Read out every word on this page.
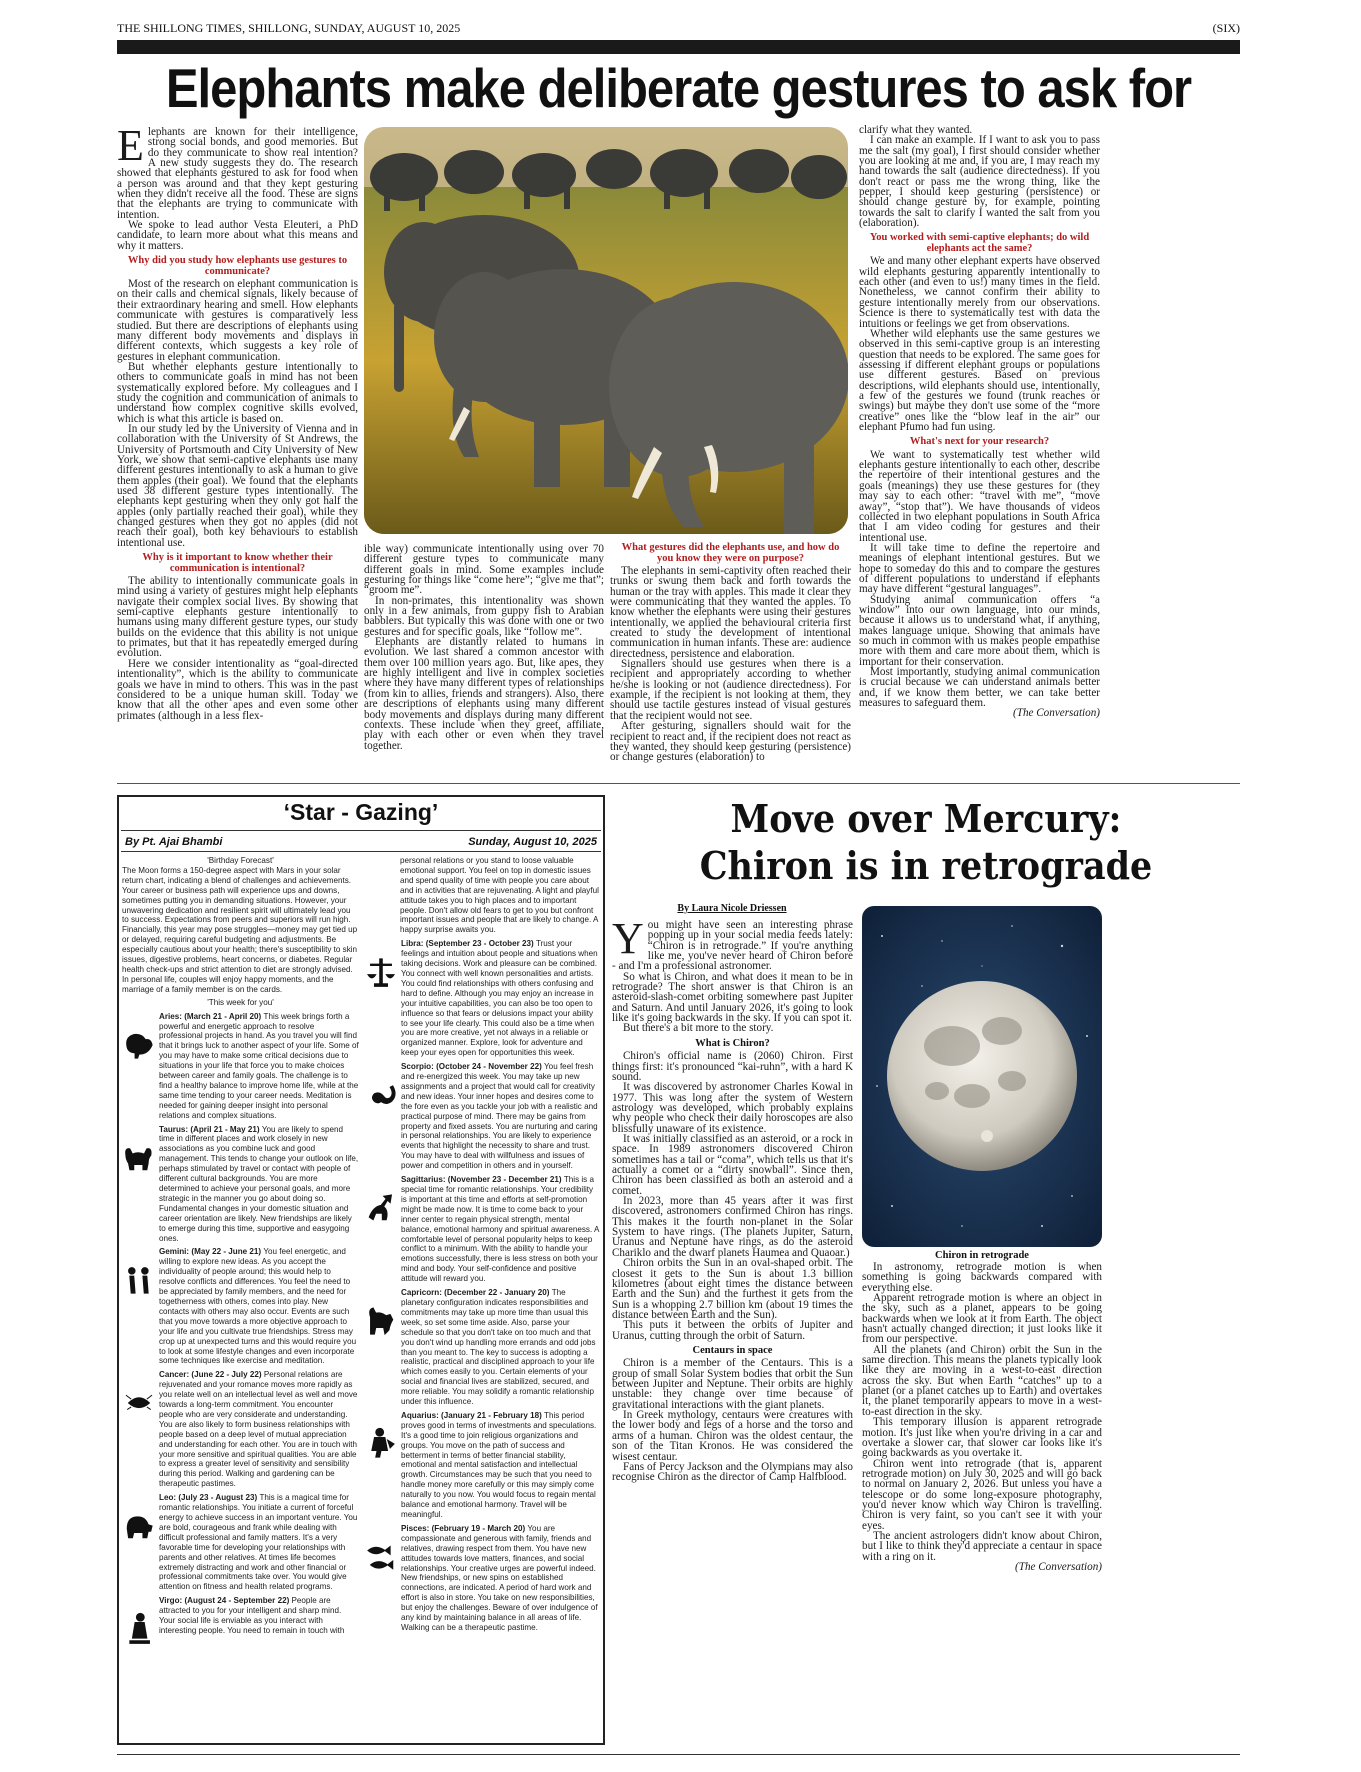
THE SHILLONG TIMES, SHILLONG, SUNDAY, AUGUST 10, 2025	(SIX)
Elephants make deliberate gestures to ask for
E lephants are known for their intelligence, strong social bonds, and good memories. But do they communicate to show real intention? A new study suggests they do. The research showed that elephants gestured to ask for food when a person was around and that they kept gesturing when they didn't receive all the food. These are signs that the elephants are trying to communicate with intention.

We spoke to lead author Vesta Eleuteri, a PhD candidate, to learn more about what this means and why it matters.

Why did you study how elephants use gestures to communicate?

Most of the research on elephant communication is on their calls and chemical signals, likely because of their extraordinary hearing and smell. How elephants communicate with gestures is comparatively less studied. But there are descriptions of elephants using many different body movements and displays in different contexts, which suggests a key role of gestures in elephant communication.

But whether elephants gesture intentionally to others to communicate goals in mind has not been systematically explored before. My colleagues and I study the cognition and communication of animals to understand how complex cognitive skills evolved, which is what this article is based on.

In our study led by the University of Vienna and in collaboration with the University of St Andrews, the University of Portsmouth and City University of New York, we show that semi-captive elephants use many different gestures intentionally to ask a human to give them apples (their goal). We found that the elephants used 38 different gesture types intentionally. The elephants kept gesturing when they only got half the apples (only partially reached their goal), while they changed gestures when they got no apples (did not reach their goal), both key behaviours to establish intentional use.

Why is it important to know whether their communication is intentional?

The ability to intentionally communicate goals in mind using a variety of gestures might help elephants navigate their complex social lives. By showing that semi-captive elephants gesture intentionally to humans using many different gesture types, our study builds on the evidence that this ability is not unique to primates, but that it has repeatedly emerged during evolution.

Here we consider intentionality as “goal-directed intentionality”, which is the ability to communicate goals we have in mind to others. This was in the past considered to be a unique human skill. Today we know that all the other apes and even some other primates (although in a less flex-

ible way) communicate intentionally using over 70 different gesture types to communicate many different goals in mind. Some examples include gesturing for things like “come here”; “give me that”; “groom me”.

In non-primates, this intentionality was shown only in a few animals, from guppy fish to Arabian babblers. But typically this was done with one or two gestures and for specific goals, like “follow me”.

Elephants are distantly related to humans in evolution. We last shared a common ancestor with them over 100 million years ago. But, like apes, they are highly intelligent and live in complex societies where they have many different types of relationships (from kin to allies, friends and strangers). Also, there are descriptions of elephants using many different body movements and displays during many different contexts. These include when they greet, affiliate, play with each other or even when they travel together.

What gestures did the elephants use, and how do you know they were on purpose?

The elephants in semi-captivity often reached their trunks or swung them back and forth towards the human or the tray with apples. This made it clear they were communicating that they wanted the apples. To know whether the elephants were using their gestures intentionally, we applied the behavioural criteria first created to study the development of intentional communication in human infants. These are: audience directedness, persistence and elaboration.

Signallers should use gestures when there is a recipient and appropriately according to whether he/she is looking or not (audience directedness). For example, if the recipient is not looking at them, they should use tactile gestures instead of visual gestures that the recipient would not see.

After gesturing, signallers should wait for the recipient to react and, if the recipient does not react as they wanted, they should keep gesturing (persistence) or change gestures (elaboration) to

clarify what they wanted.

I can make an example. If I want to ask you to pass me the salt (my goal), I first should consider whether you are looking at me and, if you are, I may reach my hand towards the salt (audience directedness). If you don't react or pass me the wrong thing, like the pepper, I should keep gesturing (persistence) or should change gesture by, for example, pointing towards the salt to clarify I wanted the salt from you (elaboration).

You worked with semi-captive elephants; do wild elephants act the same?

We and many other elephant experts have observed wild elephants gesturing apparently intentionally to each other (and even to us!) many times in the field. Nonetheless, we cannot confirm their ability to gesture intentionally merely from our observations. Science is there to systematically test with data the intuitions or feelings we get from observations.

Whether wild elephants use the same gestures we observed in this semi-captive group is an interesting question that needs to be explored. The same goes for assessing if different elephant groups or populations use different gestures. Based on previous descriptions, wild elephants should use, intentionally, a few of the gestures we found (trunk reaches or swings) but maybe they don't use some of the “more creative” ones like the “blow leaf in the air” our elephant Pfumo had fun using.

What's next for your research?

We want to systematically test whether wild elephants gesture intentionally to each other, describe the repertoire of their intentional gestures and the goals (meanings) they use these gestures for (they may say to each other: “travel with me”, “move away”, “stop that”). We have thousands of videos collected in two elephant populations in South Africa that I am video coding for gestures and their intentional use.

It will take time to define the repertoire and meanings of elephant intentional gestures. But we hope to someday do this and to compare the gestures of different populations to understand if elephants may have different “gestural languages”.

Studying animal communication offers “a window” into our own language, into our minds, because it allows us to understand what, if anything, makes language unique. Showing that animals have so much in common with us makes people empathise more with them and care more about them, which is important for their conservation.

Most importantly, studying animal communication is crucial because we can understand animals better and, if we know them better, we can take better measures to safeguard them.

(The Conversation)

‘Star - Gazing’
By Pt. Ajai Bhambi	Sunday, August 10, 2025

'Birthday Forecast'

The Moon forms a 150-degree aspect with Mars in your solar return chart, indicating a blend of challenges and achievements. Your career or business path will experience ups and downs, sometimes putting you in demanding situations. However, your unwavering dedication and resilient spirit will ultimately lead you to success. Expectations from peers and superiors will run high. Financially, this year may pose struggles—money may get tied up or delayed, requiring careful budgeting and adjustments. Be especially cautious about your health; there's susceptibility to skin issues, digestive problems, heart concerns, or diabetes. Regular health check-ups and strict attention to diet are strongly advised. In personal life, couples will enjoy happy moments, and the marriage of a family member is on the cards.

'This week for you'

Aries: (March 21 - April 20) This week brings forth a powerful and energetic approach to resolve professional projects in hand. As you travel you will find that it brings luck to another aspect of your life. Some of you may have to make some critical decisions due to situations in your life that force you to make choices between career and family goals. The challenge is to find a healthy balance to improve home life, while at the same time tending to your career needs. Meditation is needed for gaining deeper insight into personal relations and complex situations.

Taurus: (April 21 - May 21) You are likely to spend time in different places and work closely in new associations as you combine luck and good management. This tends to change your outlook on life, perhaps stimulated by travel or contact with people of different cultural backgrounds. You are more determined to achieve your personal goals, and more strategic in the manner you go about doing so. Fundamental changes in your domestic situation and career orientation are likely. New friendships are likely to emerge during this time, supportive and easygoing ones.

Gemini: (May 22 - June 21) You feel energetic, and willing to explore new ideas. As you accept the individuality of people around; this would help to resolve conflicts and differences. You feel the need to be appreciated by family members, and the need for togetherness with others, comes into play. New contacts with others may also occur. Events are such that you move towards a more objective approach to your life and you cultivate true friendships. Stress may crop up at unexpected turns and this would require you to look at some lifestyle changes and even incorporate some techniques like exercise and meditation.

Cancer: (June 22 - July 22) Personal relations are rejuvenated and your romance moves more rapidly as you relate well on an intellectual level as well and move towards a long-term commitment. You encounter people who are very considerate and understanding. You are also likely to form business relationships with people based on a deep level of mutual appreciation and understanding for each other. You are in touch with your more sensitive and spiritual qualities. You are able to express a greater level of sensitivity and sensibility during this period. Walking and gardening can be therapeutic pastimes.

Leo: (July 23 - August 23) This is a magical time for romantic relationships. You initiate a current of forceful energy to achieve success in an important venture. You are bold, courageous and frank while dealing with difficult professional and family matters. It's a very favorable time for developing your relationships with parents and other relatives. At times life becomes extremely distracting and work and other financial or professional commitments take over. You would give attention on fitness and health related programs.

Virgo: (August 24 - September 22) People are attracted to you for your intelligent and sharp mind. Your social life is enviable as you interact with interesting people. You need to remain in touch with

personal relations or you stand to loose valuable emotional support. You feel on top in domestic issues and spend quality of time with people you care about and in activities that are rejuvenating. A light and playful attitude takes you to high places and to important people. Don't allow old fears to get to you but confront important issues and people that are likely to change. A happy surprise awaits you.

Libra: (September 23 - October 23) Trust your feelings and intuition about people and situations when taking decisions. Work and pleasure can be combined. You connect with well known personalities and artists. You could find relationships with others confusing and hard to define. Although you may enjoy an increase in your intuitive capabilities, you can also be too open to influence so that fears or delusions impact your ability to see your life clearly. This could also be a time when you are more creative, yet not always in a reliable or organized manner. Explore, look for adventure and keep your eyes open for opportunities this week.

Scorpio: (October 24 - November 22) You feel fresh and re-energized this week. You may take up new assignments and a project that would call for creativity and new ideas. Your inner hopes and desires come to the fore even as you tackle your job with a realistic and practical purpose of mind. There may be gains from property and fixed assets. You are nurturing and caring in personal relationships. You are likely to experience events that highlight the necessity to share and trust. You may have to deal with willfulness and issues of power and competition in others and in yourself.

Sagittarius: (November 23 - December 21) This is a special time for romantic relationships. Your credibility is important at this time and efforts at self-promotion might be made now. It is time to come back to your inner center to regain physical strength, mental balance, emotional harmony and spiritual awareness. A comfortable level of personal popularity helps to keep conflict to a minimum. With the ability to handle your emotions successfully, there is less stress on both your mind and body. Your self-confidence and positive attitude will reward you.

Capricorn: (December 22 - January 20) The planetary configuration indicates responsibilities and commitments may take up more time than usual this week, so set some time aside. Also, parse your schedule so that you don't take on too much and that you don't wind up handling more errands and odd jobs than you meant to. The key to success is adopting a realistic, practical and disciplined approach to your life which comes easily to you. Certain elements of your social and financial lives are stabilized, secured, and more reliable. You may solidify a romantic relationship under this influence.

Aquarius: (January 21 - February 18) This period proves good in terms of investments and speculations. It's a good time to join religious organizations and groups. You move on the path of success and betterment in terms of better financial stability, emotional and mental satisfaction and intellectual growth. Circumstances may be such that you need to handle money more carefully or this may simply come naturally to you now. You would focus to regain mental balance and emotional harmony. Travel will be meaningful.

Pisces: (February 19 - March 20) You are compassionate and generous with family, friends and relatives, drawing respect from them. You have new attitudes towards love matters, finances, and social relationships. Your creative urges are powerful indeed. New friendships, or new spins on established connections, are indicated. A period of hard work and effort is also in store. You take on new responsibilities, but enjoy the challenges. Beware of over indulgence of any kind by maintaining balance in all areas of life. Walking can be a therapeutic pastime.

Move over Mercury:
Chiron is in retrograde
By Laura Nicole Driessen
Y ou might have seen an interesting phrase popping up in your social media feeds lately: “Chiron is in retrograde.” If you're anything like me, you've never heard of Chiron before - and I'm a professional astronomer.

So what is Chiron, and what does it mean to be in retrograde? The short answer is that Chiron is an asteroid-slash-comet orbiting somewhere past Jupiter and Saturn. And until January 2026, it's going to look like it's going backwards in the sky. If you can spot it.

But there's a bit more to the story.

What is Chiron?

Chiron's official name is (2060) Chiron. First things first: it's pronounced “kai-ruhn”, with a hard K sound.

It was discovered by astronomer Charles Kowal in 1977. This was long after the system of Western astrology was developed, which probably explains why people who check their daily horoscopes are also blissfully unaware of its existence.

It was initially classified as an asteroid, or a rock in space. In 1989 astronomers discovered Chiron sometimes has a tail or “coma”, which tells us that it's actually a comet or a “dirty snowball”. Since then, Chiron has been classified as both an asteroid and a comet.

In 2023, more than 45 years after it was first discovered, astronomers confirmed Chiron has rings. This makes it the fourth non-planet in the Solar System to have rings. (The planets Jupiter, Saturn, Uranus and Neptune have rings, as do the asteroid Chariklo and the dwarf planets Haumea and Quaoar.)

Chiron orbits the Sun in an oval-shaped orbit. The closest it gets to the Sun is about 1.3 billion kilometres (about eight times the distance between Earth and the Sun) and the furthest it gets from the Sun is a whopping 2.7 billion km (about 19 times the distance between Earth and the Sun).

This puts it between the orbits of Jupiter and Uranus, cutting through the orbit of Saturn.

Centaurs in space

Chiron is a member of the Centaurs. This is a group of small Solar System bodies that orbit the Sun between Jupiter and Neptune. Their orbits are highly unstable: they change over time because of gravitational interactions with the giant planets.

In Greek mythology, centaurs were creatures with the lower body and legs of a horse and the torso and arms of a human. Chiron was the oldest centaur, the son of the Titan Kronos. He was considered the wisest centaur.

Fans of Percy Jackson and the Olympians may also recognise Chiron as the director of Camp Halfblood.

Chiron in retrograde

In astronomy, retrograde motion is when something is going backwards compared with everything else.

Apparent retrograde motion is where an object in the sky, such as a planet, appears to be going backwards when we look at it from Earth. The object hasn't actually changed direction; it just looks like it from our perspective.

All the planets (and Chiron) orbit the Sun in the same direction. This means the planets typically look like they are moving in a west-to-east direction across the sky. But when Earth “catches” up to a planet (or a planet catches up to Earth) and overtakes it, the planet temporarily appears to move in a west-to-east direction in the sky.

This temporary illusion is apparent retrograde motion. It's just like when you're driving in a car and overtake a slower car, that slower car looks like it's going backwards as you overtake it.

Chiron went into retrograde (that is, apparent retrograde motion) on July 30, 2025 and will go back to normal on January 2, 2026. But unless you have a telescope or do some long-exposure photography, you'd never know which way Chiron is travelling. Chiron is very faint, so you can't see it with your eyes.

The ancient astrologers didn't know about Chiron, but I like to think they'd appreciate a centaur in space with a ring on it.

(The Conversation)
